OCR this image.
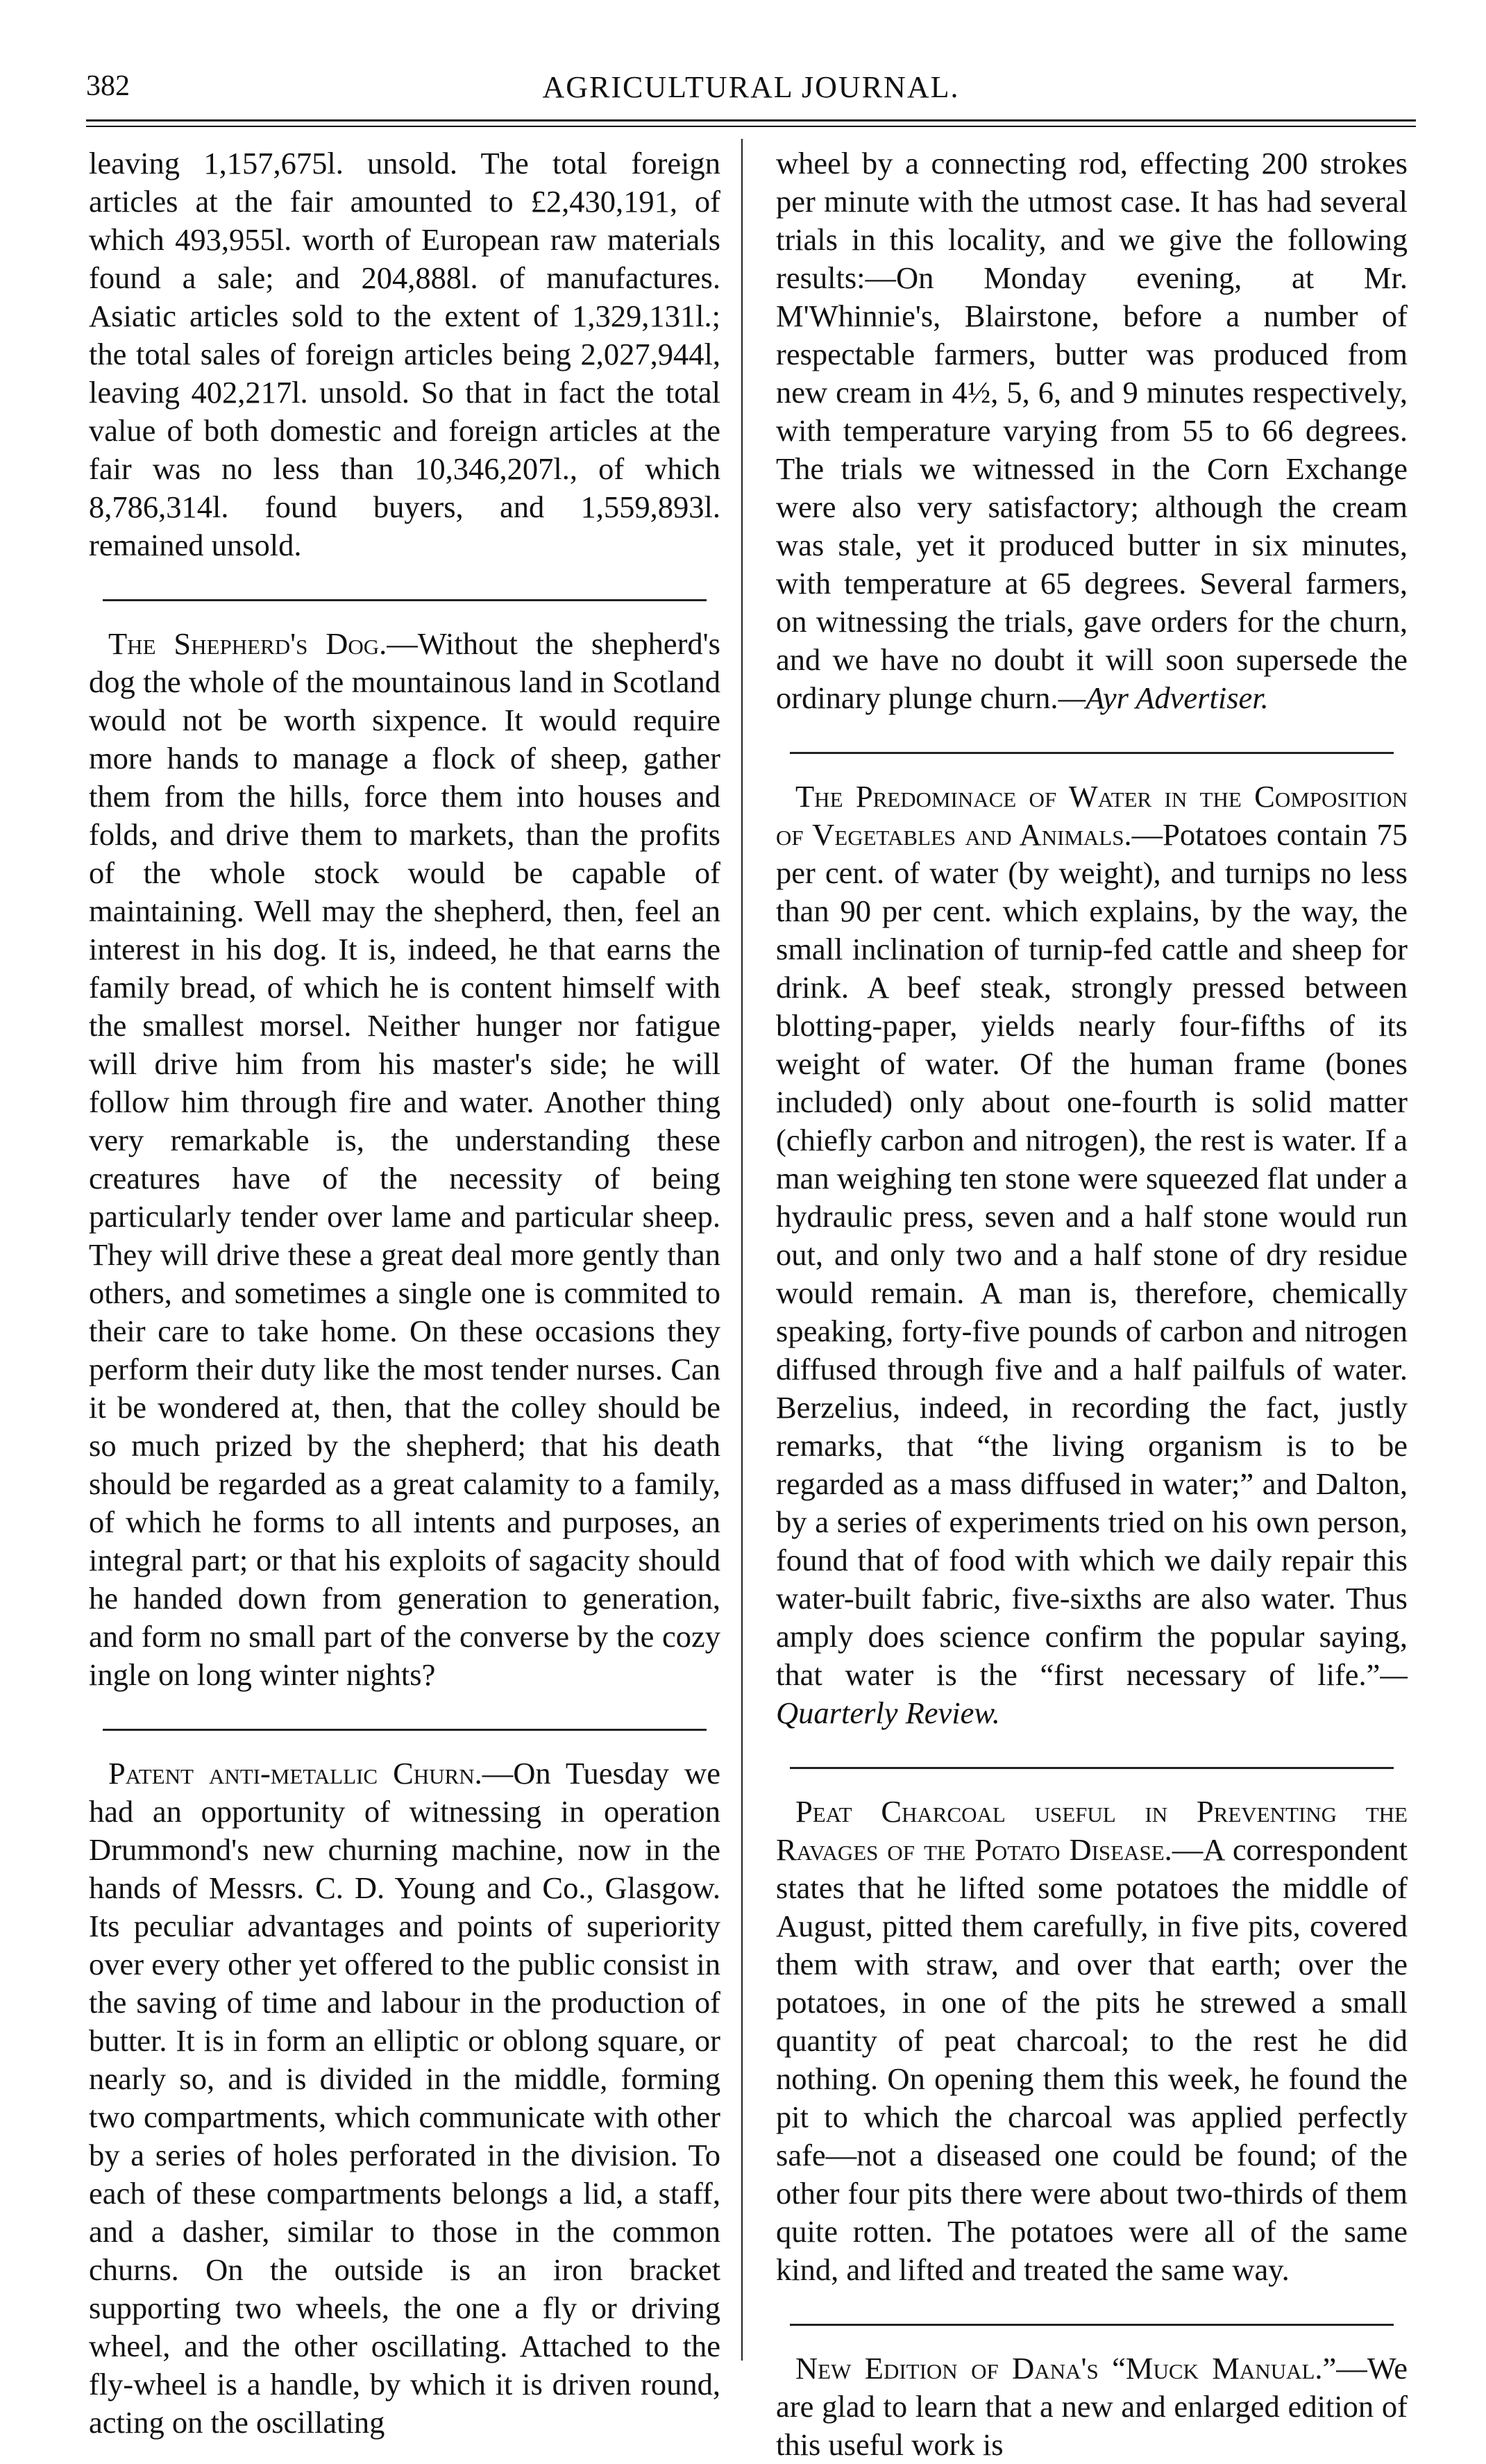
382	AGRICULTURAL JOURNAL.

leaving 1,157,675l. unsold. The total foreign articles at the fair amounted to £2,430,191, of which 493,955l. worth of European raw materials found a sale; and 204,888l. of manufactures. Asiatic articles sold to the extent of 1,329,131l.; the total sales of foreign articles being 2,027,944l, leaving 402,217l. unsold. So that in fact the total value of both domestic and foreign articles at the fair was no less than 10,346,207l., of which 8,786,314l. found buyers, and 1,559,893l. remained unsold.

The Shepherd's Dog.—Without the shepherd's dog the whole of the mountainous land in Scotland would not be worth sixpence. It would require more hands to manage a flock of sheep, gather them from the hills, force them into houses and folds, and drive them to markets, than the profits of the whole stock would be capable of maintaining. Well may the shepherd, then, feel an interest in his dog. It is, indeed, he that earns the family bread, of which he is content himself with the smallest morsel. Neither hunger nor fatigue will drive him from his master's side; he will follow him through fire and water. Another thing very remarkable is, the understanding these creatures have of the necessity of being particularly tender over lame and particular sheep. They will drive these a great deal more gently than others, and sometimes a single one is commited to their care to take home. On these occasions they perform their duty like the most tender nurses. Can it be wondered at, then, that the colley should be so much prized by the shepherd; that his death should be regarded as a great calamity to a family, of which he forms to all intents and purposes, an integral part; or that his exploits of sagacity should he handed down from generation to generation, and form no small part of the converse by the cozy ingle on long winter nights?

Patent anti-metallic Churn.—On Tuesday we had an opportunity of witnessing in operation Drummond's new churning machine, now in the hands of Messrs. C. D. Young and Co., Glasgow. Its peculiar advantages and points of superiority over every other yet offered to the public consist in the saving of time and labour in the production of butter. It is in form an elliptic or oblong square, or nearly so, and is divided in the middle, forming two compartments, which communicate with other by a series of holes perforated in the division. To each of these compartments belongs a lid, a staff, and a dasher, similar to those in the common churns. On the outside is an iron bracket supporting two wheels, the one a fly or driving wheel, and the other oscillating. Attached to the fly-wheel is a handle, by which it is driven round, acting on the oscillating

wheel by a connecting rod, effecting 200 strokes per minute with the utmost case. It has had several trials in this locality, and we give the following results:—On Monday evening, at Mr. M'Whinnie's, Blairstone, before a number of respectable farmers, butter was produced from new cream in 4½, 5, 6, and 9 minutes respectively, with temperature varying from 55 to 66 degrees. The trials we witnessed in the Corn Exchange were also very satisfactory; although the cream was stale, yet it produced butter in six minutes, with temperature at 65 degrees. Several farmers, on witnessing the trials, gave orders for the churn, and we have no doubt it will soon supersede the ordinary plunge churn.—Ayr Advertiser.

The Predominace of Water in the Composition of Vegetables and Animals.—Potatoes contain 75 per cent. of water (by weight), and turnips no less than 90 per cent. which explains, by the way, the small inclination of turnip-fed cattle and sheep for drink. A beef steak, strongly pressed between blotting-paper, yields nearly four-fifths of its weight of water. Of the human frame (bones included) only about one-fourth is solid matter (chiefly carbon and nitrogen), the rest is water. If a man weighing ten stone were squeezed flat under a hydraulic press, seven and a half stone would run out, and only two and a half stone of dry residue would remain. A man is, therefore, chemically speaking, forty-five pounds of carbon and nitrogen diffused through five and a half pailfuls of water. Berzelius, indeed, in recording the fact, justly remarks, that “the living organism is to be regarded as a mass diffused in water;” and Dalton, by a series of experiments tried on his own person, found that of food with which we daily repair this water-built fabric, five-sixths are also water. Thus amply does science confirm the popular saying, that water is the “first necessary of life.”—Quarterly Review.

Peat Charcoal useful in Preventing the Ravages of the Potato Disease.—A correspondent states that he lifted some potatoes the middle of August, pitted them carefully, in five pits, covered them with straw, and over that earth; over the potatoes, in one of the pits he strewed a small quantity of peat charcoal; to the rest he did nothing. On opening them this week, he found the pit to which the charcoal was applied perfectly safe—not a diseased one could be found; of the other four pits there were about two-thirds of them quite rotten. The potatoes were all of the same kind, and lifted and treated the same way.

New Edition of Dana's “Muck Manual.”—We are glad to learn that a new and enlarged edition of this useful work is
